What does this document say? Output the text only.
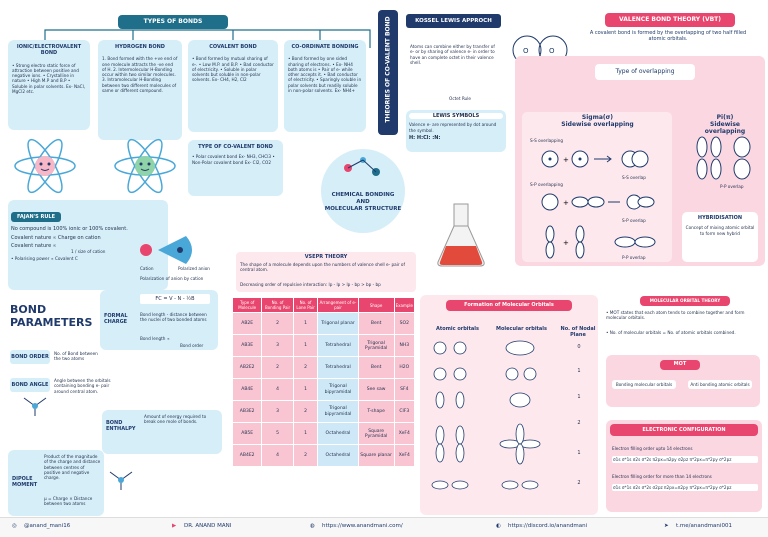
TYPES OF BONDS
IONIC/ELECTROVALENT BOND
• Strong electro static force of attraction between positive and negative ions. • Crystalline in nature • High M.P and B.P • Soluble in polar solvents. Ex- NaCl, MgCl2 etc.
HYDROGEN BOND
1. Bond formed with the +ve end of one molecule attracts the -ve end of H. 2. Intermolecular H-Bonding occur within two similar molecules. 3. Intramolecular H-Bonding between two different molecules of same or different compound.
COVALENT BOND
• Bond formed by mutual sharing of e-. • Low M.P. and B.P. • Bad conductor of electricity. • Soluble in polar solvents but soluble in non-polar solvents. Ex- CH4, H2, Cl2
CO-ORDINATE BONDING
• Bond formed by one sided sharing of electrons. • Ex- NH4 both atoms is • Pair of e- while other accepts it. • Bad conductor of electricity. • Sparingly soluble in polar solvents but readily soluble in non-polar solvents. Ex- NH4+
TYPE OF CO-VALENT BOND
• Polar covalent bond Ex- NH3, CHCl3 • Non-Polar covalent bond Ex- Cl2, CO2
THEORIES OF CO-VALENT BOND	KOSSEL LEWIS APPROCH
Atoms can combine either by transfer of e- or by sharing of valence e- in order to have an complete octet in their valence shell.
O	O
Octet Rule
LEWIS SYMBOLS
Valence e- are represented by dot around the symbol.
H: H:Cl: :N:
CHEMICAL BONDING
AND
MOLECULAR STRUCTURE
VALENCE BOND THEORY (VBT)
A covalent bond is formed by the overlapping of two half filled atomic orbitals.
Type of overlapping
Sigma(σ)
Sidewise overlapping
Pi(π)
Sidewise overlapping
S-S overlapping
+
S-S overlap
S-P overlapping
+
S-P overlap
+
P-P overlap
P-P overlap
HYBRIDISATION
Concept of mixing atomic orbital to form new hybrid
FAJAN'S RULE
No compound is 100% ionic or 100% covalent.
Covalent nature ∝ Charge on cation
Covalent nature ∝
1 / size of cation
• Polarising power ∝ Covalent C
Cation	Polarized anion
Polarization of anion by cation
BOND PARAMETERS
FORMAL CHARGE
FC = V - N - ½B
Bond length - distance between the nuclei of two bonded atoms
Bond length ∝
Bond order
BOND ORDER
No. of Bond between the two atoms
BOND ANGLE
Angle between the orbitals containing bonding e- pair around central atom.
BOND ENTHALPY
Amount of energy required to break one mole of bonds.
DIPOLE MOMENT
Product of the magnitude of the charge and distance between centres of positive and negative charge.
μ = Charge × Distance between two atoms
VSEPR THEORY
The shape of a molecule depends upon the numbers of valence shell e- pair of central atom.
Decreasing order of repulsive interaction: lp - lp > lp - bp > bp - bp
Type of Molecule	No. of Bonding Pair	No. of Lone Pair	Arrangement of e- pair	Shape	Example
AB2E	2	1	Trigonal planar	Bent	SO2
AB3E	3	1	Tetrahedral	Trigonal Pyramidal	NH3
AB2E2	2	2	Tetrahedral	Bent	H2O
AB4E	4	1	Trigonal bipyramidal	See saw	SF4
AB3E2	3	2	Trigonal bipyramidal	T-shape	ClF3
AB5E	5	1	Octahedral	Square Pyramidal	XeF4
AB4E2	4	2	Octahedral	Square planar	XeF4
Formation of Molecular Orbitals
Atomic orbitals	Molecular orbitals	No. of Nodal Plane
0
1
1
2
1
2
MOLECULAR ORBITAL THEORY
• MOT states that each atom tends to combine together and form molecular orbitals.
• No. of molecular orbitals = No. of atomic orbitals combined.
MOT
Bonding molecular orbitals	Anti bonding atomic orbitals
ELECTRONIC CONFIGURATION
Electron filling order upto 14 electrons
σ1s σ*1s σ2s σ*2s π2px=π2py σ2pz π*2px=π*2py σ*2pz
Electron filling order for more than 14 electrons
σ1s σ*1s σ2s σ*2s σ2pz π2px=π2py π*2px=π*2py σ*2pz
◎ @anand_mani16	▶ DR. ANAND MANI	◍ https://www.anandmani.com/	◐ https://discord.io/anandmani	➤ t.me/anandmani001
